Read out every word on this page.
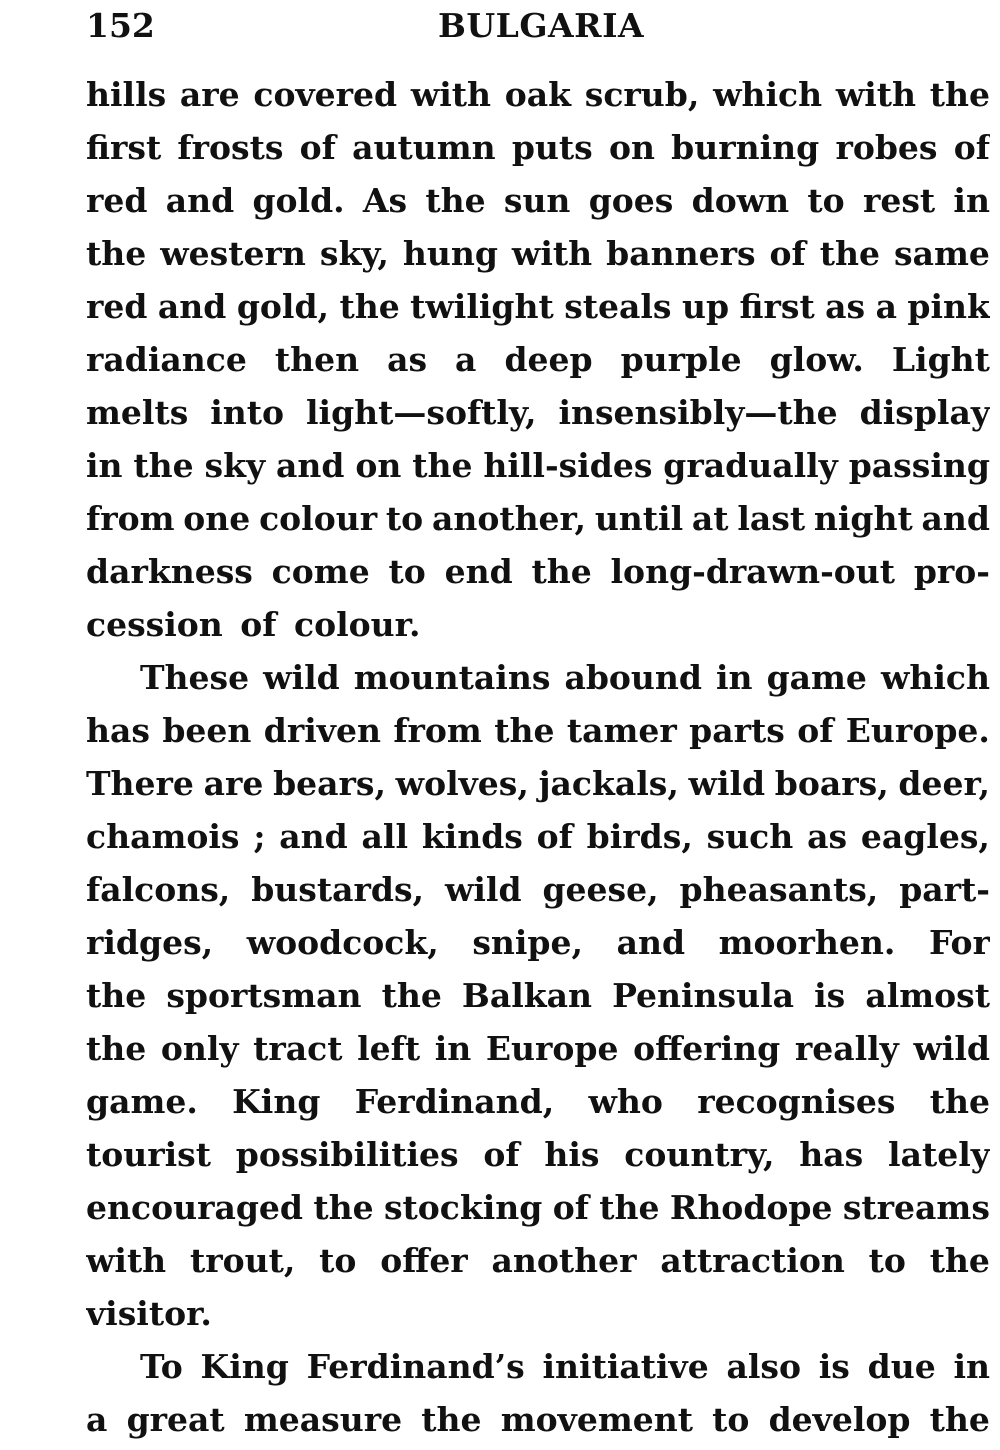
152	BULGARIA
hills are covered with oak scrub, which with the
first frosts of autumn puts on burning robes of
red and gold. As the sun goes down to rest in
the western sky, hung with banners of the same
red and gold, the twilight steals up first as a pink
radiance then as a deep purple glow. Light
melts into light—softly, insensibly—the display
in the sky and on the hill-sides gradually passing
from one colour to another, until at last night and
darkness come to end the long-drawn-out pro-
cession
of
colour.
These wild mountains abound in game which
has been driven from the tamer parts of Europe.
There are bears, wolves, jackals, wild boars, deer,
chamois ; and all kinds of birds, such as eagles,
falcons, bustards, wild geese, pheasants, part-
ridges, woodcock, snipe, and moorhen. For
the sportsman the Balkan Peninsula is almost
the only tract left in Europe offering really wild
game. King Ferdinand, who recognises the
tourist possibilities of his country, has lately
encouraged the stocking of the Rhodope streams
with trout, to offer another attraction to the
visitor.
To King Ferdinand’s initiative also is due in
a great measure the movement to develop the
